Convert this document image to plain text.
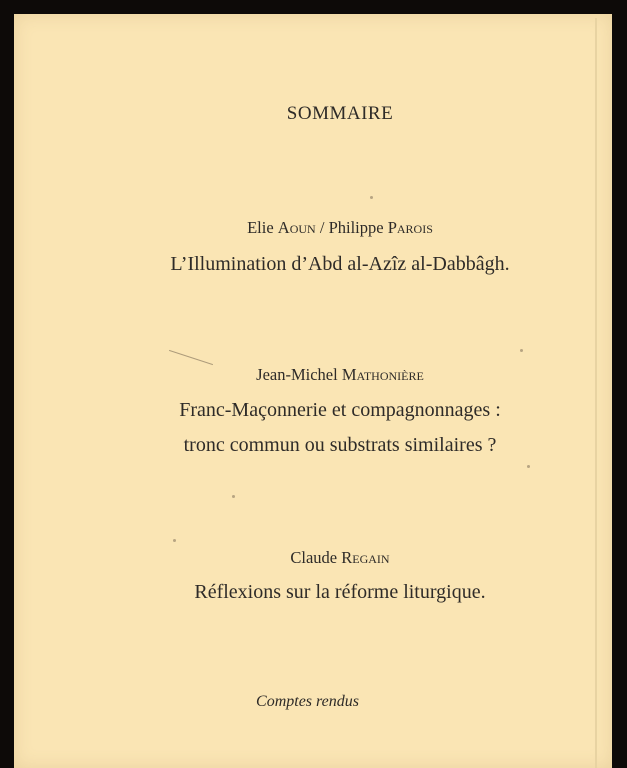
SOMMAIRE
Elie Aoun / Philippe Parois
L’Illumination d’Abd al-Azîz al-Dabbâgh.
Jean-Michel Mathonière
Franc-Maçonnerie et compagnonnages :
tronc commun ou substrats similaires ?
Claude Regain
Réflexions sur la réforme liturgique.
Comptes rendus
